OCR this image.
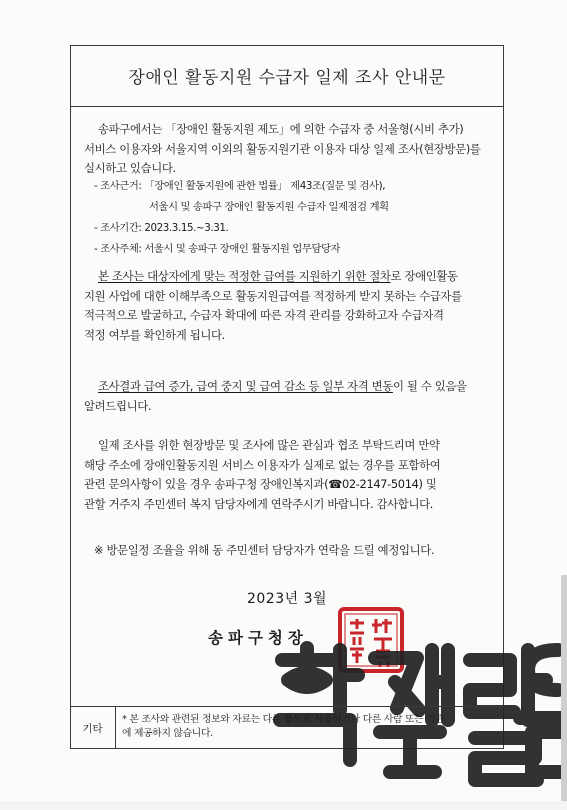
장애인 활동지원 수급자 일제 조사 안내문

송파구에서는 「장애인 활동지원 제도」에 의한 수급자 중 서울형(시비 추가)

서비스 이용자와 서울지역 이외의 활동지원기관 이용자 대상 일제 조사(현장방문)를

실시하고 있습니다.

- 조사근거: 「장애인 활동지원에 관한 법률」 제43조(질문 및 검사),
서울시 및 송파구 장애인 활동지원 수급자 일제점검 계획
- 조사기간: 2023.3.15.~3.31.
- 조사주체: 서울시 및 송파구 장애인 활동지원 업무담당자

본 조사는 대상자에게 맞는 적정한 급여를 지원하기 위한 절차로 장애인활동

지원 사업에 대한 이해부족으로 활동지원급여를 적정하게 받지 못하는 수급자를

적극적으로 발굴하고, 수급자 확대에 따른 자격 관리를 강화하고자 수급자격

적정 여부를 확인하게 됩니다.

조사결과 급여 증가, 급여 중지 및 급여 감소 등 일부 자격 변동이 될 수 있음을

알려드립니다.

일제 조사를 위한 현장방문 및 조사에 많은 관심과 협조 부탁드리며 만약

해당 주소에 장애인활동지원 서비스 이용자가 실제로 없는 경우를 포함하여

관련 문의사항이 있을 경우 송파구청 장애인복지과(☎02-2147-5014) 및

관할 거주지 주민센터 복지 담당자에게 연락주시기 바랍니다. 감사합니다.

※ 방문일정 조율을 위해 동 주민센터 담당자가 연락을 드릴 예정입니다.

2023년 3월
송파구청장
기타
* 본 조사와 관련된 정보와 자료는 다른 용도로 사용하거나 다른 사람 또는 기관
에 제공하지 않습니다.
